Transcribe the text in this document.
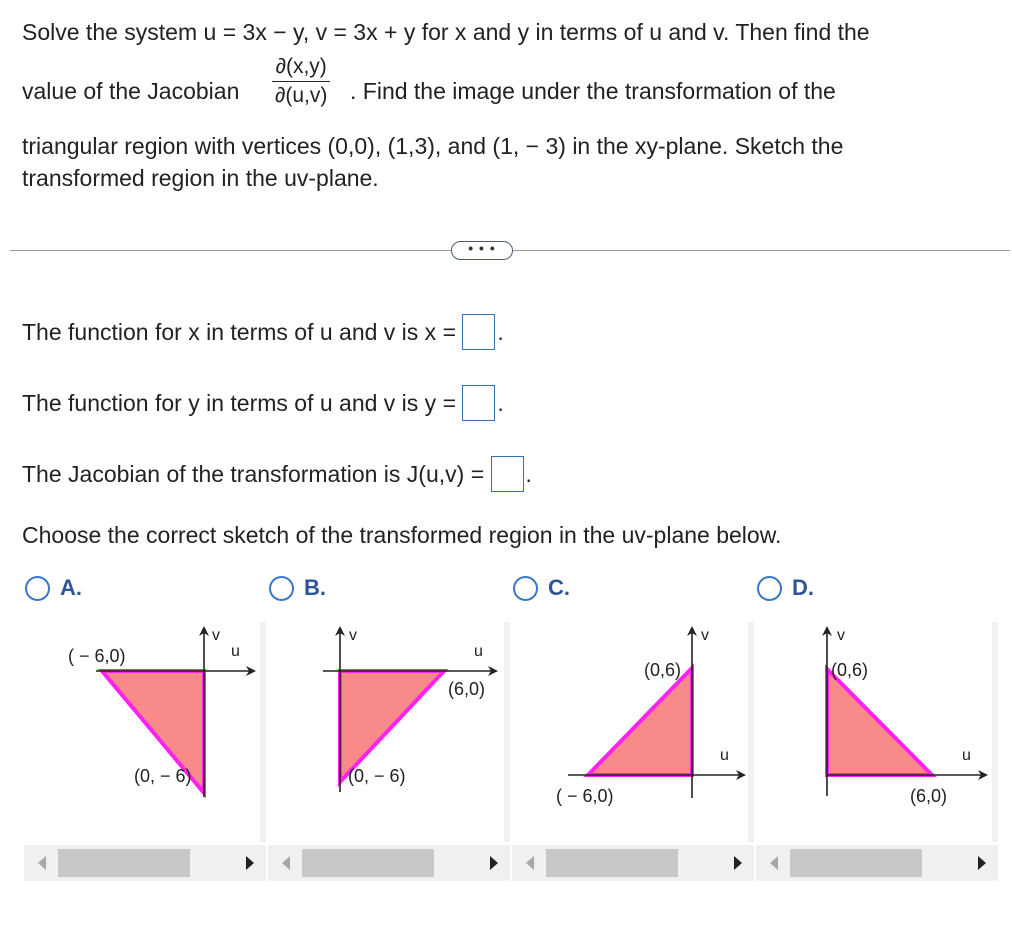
Solve the system u = 3x − y, v = 3x + y for x and y in terms of u and v. Then find the
value of the Jacobian
∂(x,y)
∂(u,v) . Find the image under the transformation of the
triangular region with vertices (0,0), (1,3), and (1, − 3) in the xy-plane. Sketch the
transformed region in the uv-plane.
• • •
The function for x in terms of u and v is x = .
The function for y in terms of u and v is y = .
The Jacobian of the transformation is J(u,v) = .
Choose the correct sketch of the transformed region in the uv-plane below.
A.	B.	C.	D.
v
u
( − 6,0)
(0, − 6)
v
u
(6,0)
(0, − 6)
v
u
(0,6)
( − 6,0)
v
u
(0,6)
(6,0)
